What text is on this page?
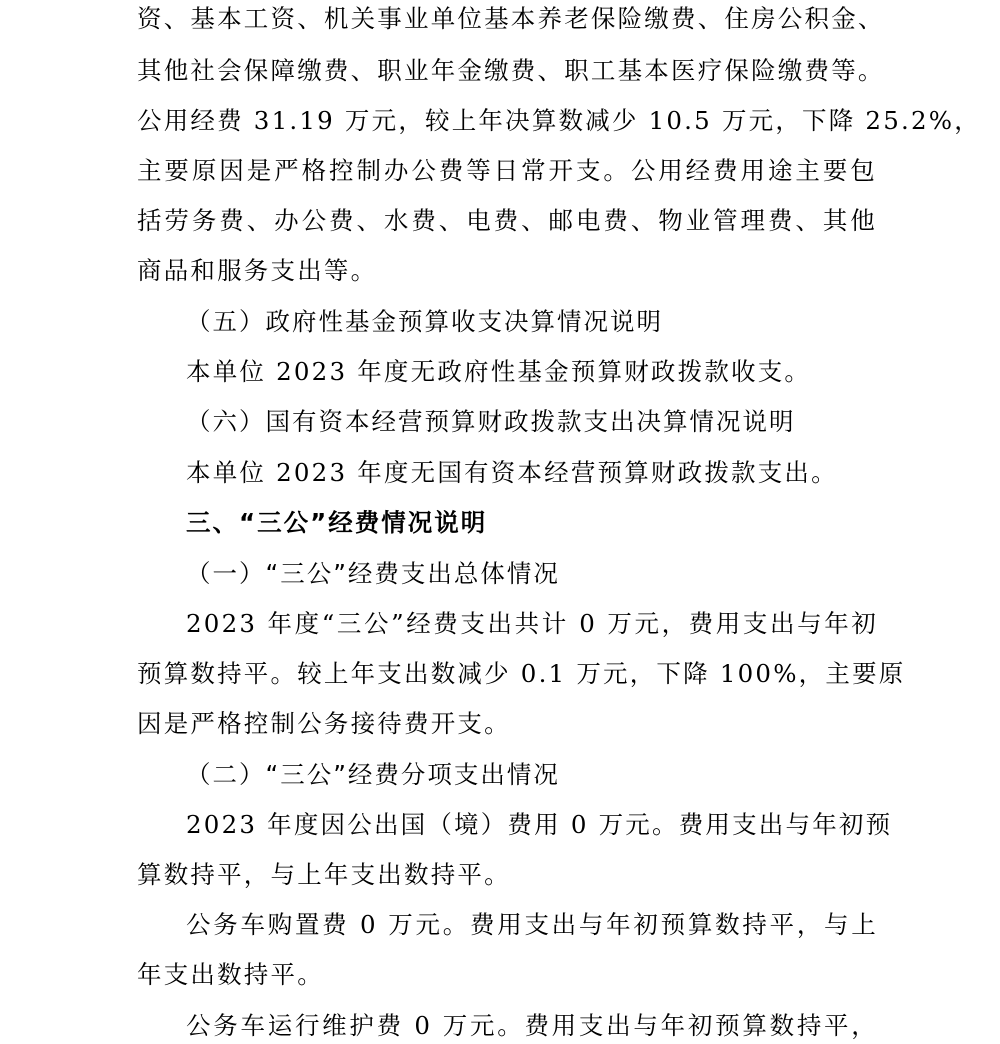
资、基本工资、机关事业单位基本养老保险缴费、住房公积金、
其他社会保障缴费、职业年金缴费、职工基本医疗保险缴费等。
公用经费 31.19 万元，较上年决算数减少 10.5 万元，下降 25.2%，
主要原因是严格控制办公费等日常开支。公用经费用途主要包
括劳务费、办公费、水费、电费、邮电费、物业管理费、其他
商品和服务支出等。
（五）政府性基金预算收支决算情况说明
本单位 2023 年度无政府性基金预算财政拨款收支。
（六）国有资本经营预算财政拨款支出决算情况说明
本单位 2023 年度无国有资本经营预算财政拨款支出。
三、“三公”经费情况说明
（一）“三公”经费支出总体情况
2023 年度“三公”经费支出共计 0 万元，费用支出与年初
预算数持平。较上年支出数减少 0.1 万元，下降 100%，主要原
因是严格控制公务接待费开支。
（二）“三公”经费分项支出情况
2023 年度因公出国（境）费用 0 万元。费用支出与年初预
算数持平，与上年支出数持平。
公务车购置费 0 万元。费用支出与年初预算数持平，与上
年支出数持平。
公务车运行维护费 0 万元。费用支出与年初预算数持平，
